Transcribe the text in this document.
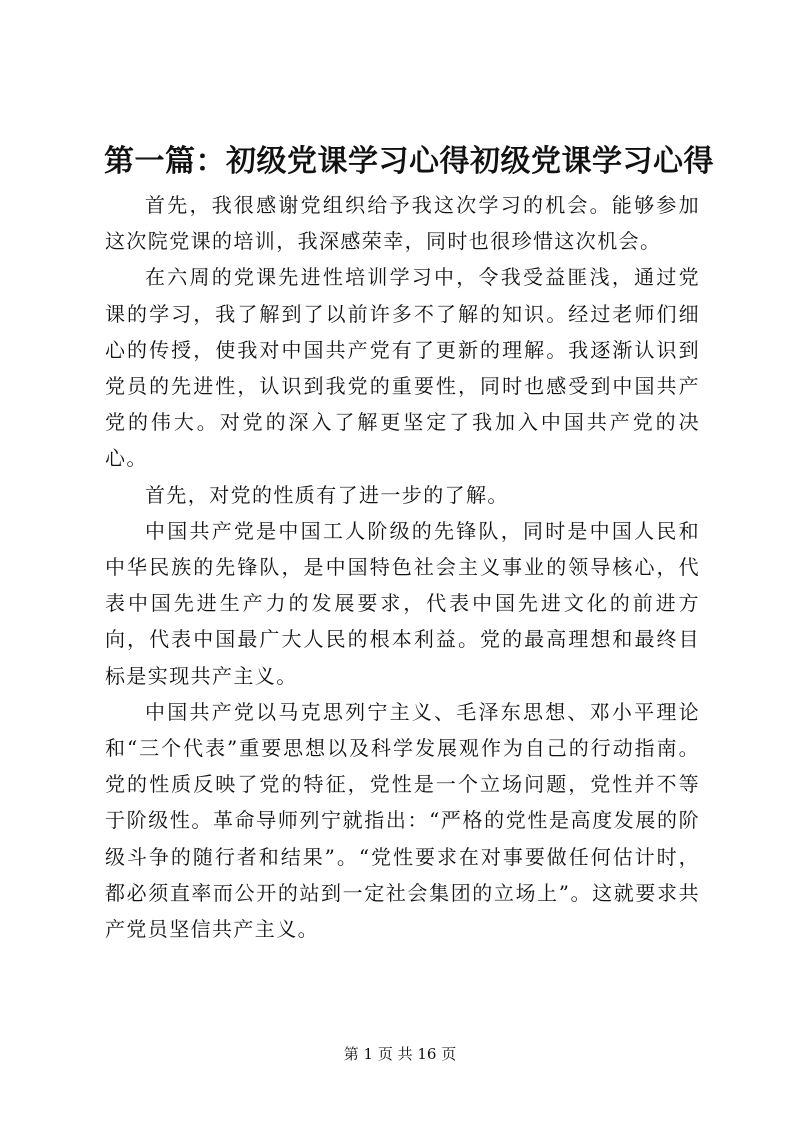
第一篇：初级党课学习心得初级党课学习心得

首先，我很感谢党组织给予我这次学习的机会。能够参加这次院党课的培训，我深感荣幸，同时也很珍惜这次机会。

在六周的党课先进性培训学习中，令我受益匪浅，通过党课的学习，我了解到了以前许多不了解的知识。经过老师们细心的传授，使我对中国共产党有了更新的理解。我逐渐认识到党员的先进性，认识到我党的重要性，同时也感受到中国共产党的伟大。对党的深入了解更坚定了我加入中国共产党的决心。

首先，对党的性质有了进一步的了解。

中国共产党是中国工人阶级的先锋队，同时是中国人民和中华民族的先锋队，是中国特色社会主义事业的领导核心，代表中国先进生产力的发展要求，代表中国先进文化的前进方向，代表中国最广大人民的根本利益。党的最高理想和最终目标是实现共产主义。

中国共产党以马克思列宁主义、毛泽东思想、邓小平理论和“三个代表”重要思想以及科学发展观作为自己的行动指南。党的性质反映了党的特征，党性是一个立场问题，党性并不等于阶级性。革命导师列宁就指出：“严格的党性是高度发展的阶级斗争的随行者和结果”。“党性要求在对事要做任何估计时，都必须直率而公开的站到一定社会集团的立场上”。这就要求共产党员坚信共产主义。

第 1 页 共 16 页
